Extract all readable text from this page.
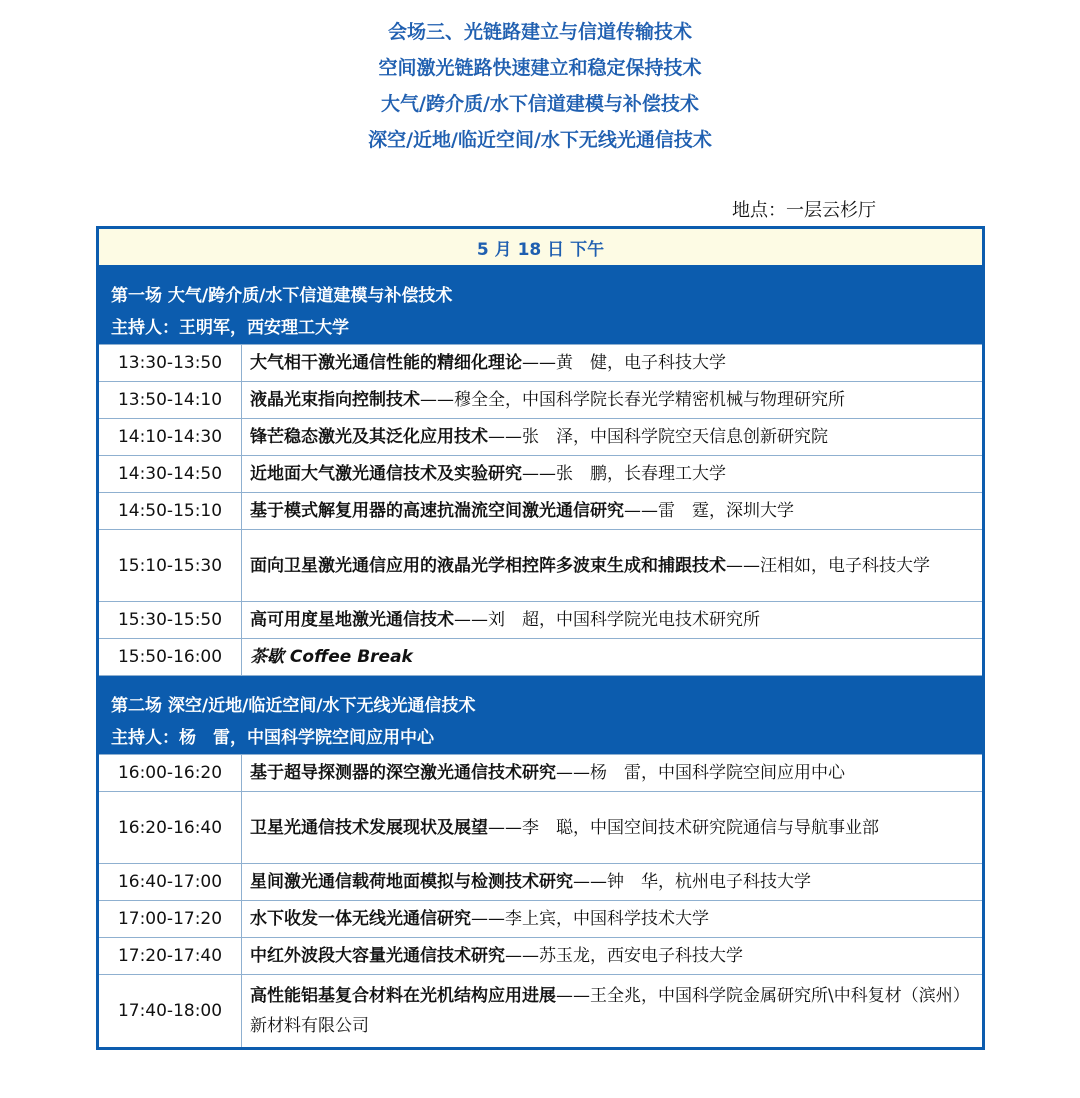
会场三、光链路建立与信道传输技术
空间激光链路快速建立和稳定保持技术
大气/跨介质/水下信道建模与补偿技术
深空/近地/临近空间/水下无线光通信技术
地点：一层云杉厅
5 月 18 日 下午	
第一场 大气/跨介质/水下信道建模与补偿技术	
主持人：王明军，西安理工大学	
13:30-13:50	大气相干激光通信性能的精细化理论——黄　健，电子科技大学
13:50-14:10	液晶光束指向控制技术——穆全全，中国科学院长春光学精密机械与物理研究所
14:10-14:30	锋芒稳态激光及其泛化应用技术——张　泽，中国科学院空天信息创新研究院
14:30-14:50	近地面大气激光通信技术及实验研究——张　鹏，长春理工大学
14:50-15:10	基于模式解复用器的高速抗湍流空间激光通信研究——雷　霆，深圳大学
15:10-15:30	面向卫星激光通信应用的液晶光学相控阵多波束生成和捕跟技术——汪相如，电子科技大学
15:30-15:50	高可用度星地激光通信技术——刘　超，中国科学院光电技术研究所
15:50-16:00	茶歇 Coffee Break
第二场 深空/近地/临近空间/水下无线光通信技术	
主持人：杨　雷，中国科学院空间应用中心	
16:00-16:20	基于超导探测器的深空激光通信技术研究——杨　雷，中国科学院空间应用中心
16:20-16:40	卫星光通信技术发展现状及展望——李　聪，中国空间技术研究院通信与导航事业部
16:40-17:00	星间激光通信载荷地面模拟与检测技术研究——钟　华，杭州电子科技大学
17:00-17:20	水下收发一体无线光通信研究——李上宾，中国科学技术大学
17:20-17:40	中红外波段大容量光通信技术研究——苏玉龙，西安电子科技大学
17:40-18:00	高性能铝基复合材料在光机结构应用进展——王全兆，中国科学院金属研究所\中科复材（滨州）新材料有限公司
